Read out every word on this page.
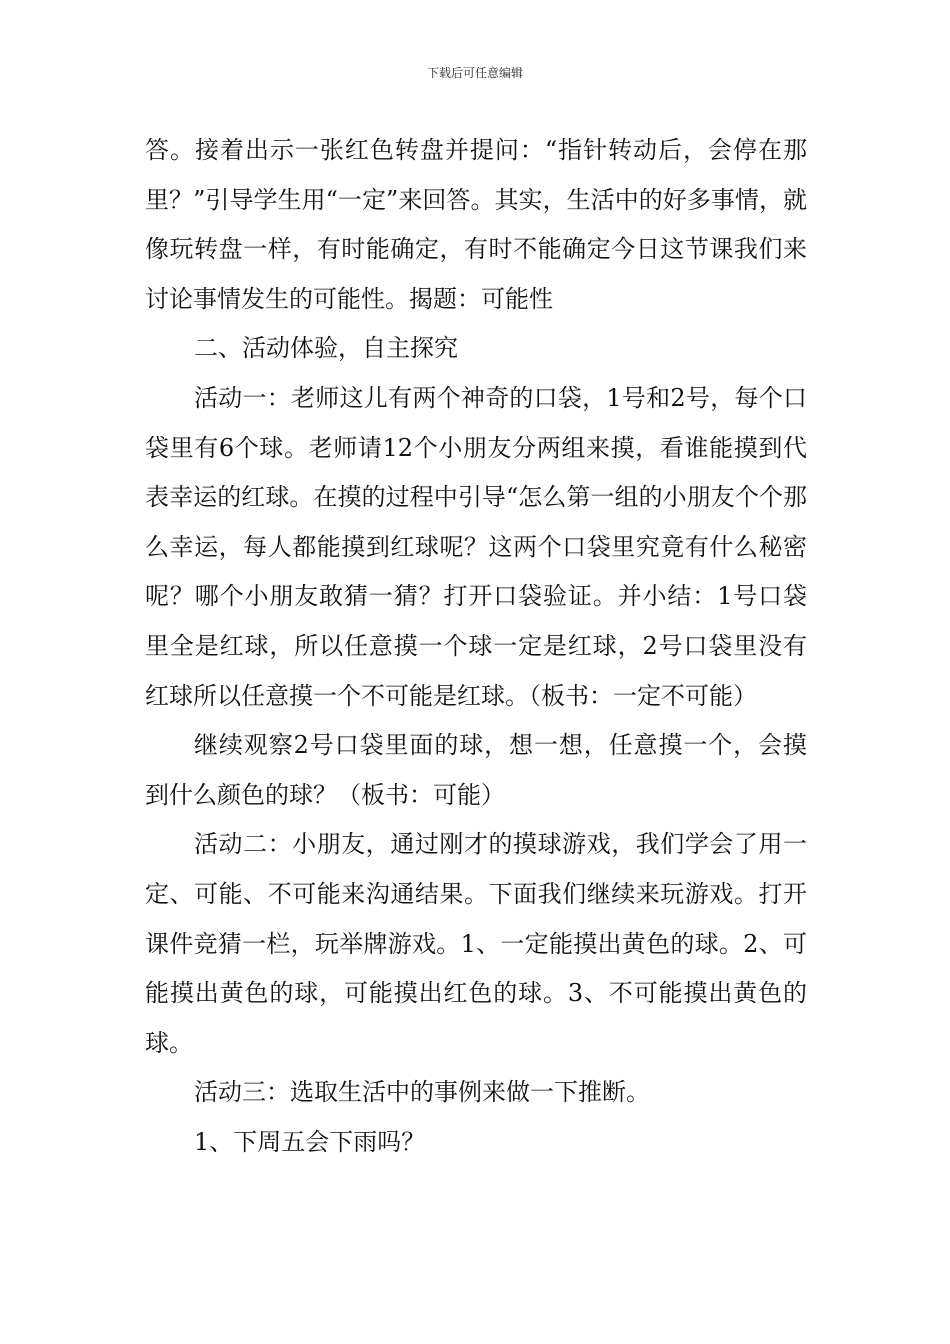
下载后可任意编辑

答。接着出示一张红色转盘并提问：“指针转动后，会停在那里？”引导学生用“一定”来回答。其实，生活中的好多事情，就像玩转盘一样，有时能确定，有时不能确定今日这节课我们来讨论事情发生的可能性。揭题：可能性

二、活动体验，自主探究

活动一：老师这儿有两个神奇的口袋，1号和2号，每个口袋里有6个球。老师请12个小朋友分两组来摸，看谁能摸到代表幸运的红球。在摸的过程中引导“怎么第一组的小朋友个个那么幸运，每人都能摸到红球呢？这两个口袋里究竟有什么秘密呢？哪个小朋友敢猜一猜？打开口袋验证。并小结：1号口袋里全是红球，所以任意摸一个球一定是红球，2号口袋里没有红球所以任意摸一个不可能是红球。（板书：一定不可能）

继续观察2号口袋里面的球，想一想，任意摸一个，会摸到什么颜色的球？（板书：可能）

活动二：小朋友，通过刚才的摸球游戏，我们学会了用一定、可能、不可能来沟通结果。下面我们继续来玩游戏。打开课件竞猜一栏，玩举牌游戏。1、一定能摸出黄色的球。2、可能摸出黄色的球，可能摸出红色的球。3、不可能摸出黄色的球。

活动三：选取生活中的事例来做一下推断。

1、下周五会下雨吗？
